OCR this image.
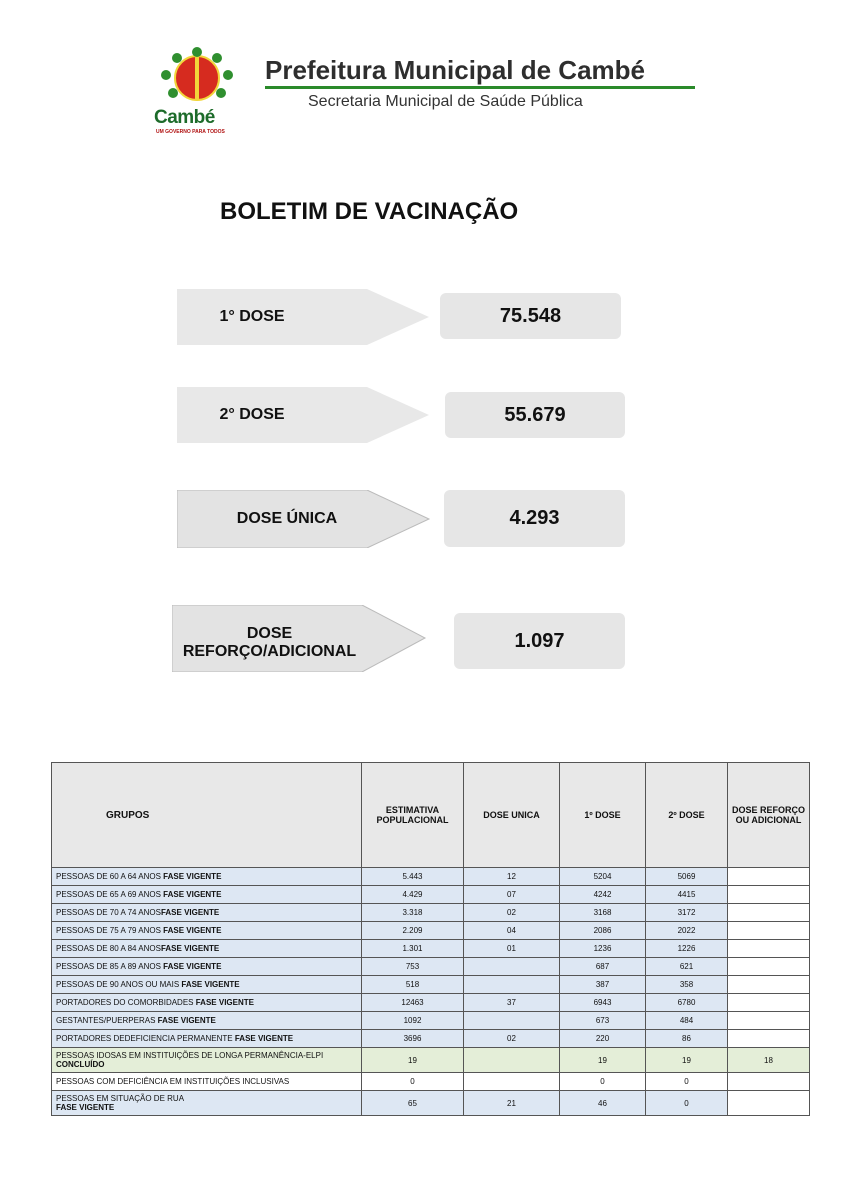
Cambé
UM GOVERNO PARA TODOS
Prefeitura Municipal de Cambé
Secretaria Municipal de Saúde Pública
BOLETIM DE VACINAÇÃO
1° DOSE	75.548
2° DOSE	55.679
DOSE ÚNICA	4.293
DOSE REFORÇO/ADICIONAL	1.097
GRUPOS	ESTIMATIVA POPULACIONAL	DOSE UNICA	1º DOSE	2º DOSE	DOSE REFORÇO OU ADICIONAL
PESSOAS DE 60 A 64 ANOS FASE VIGENTE	5.443	12	5204	5069	
PESSOAS DE 65 A 69 ANOS FASE VIGENTE	4.429	07	4242	4415	
PESSOAS DE 70 A 74 ANOSFASE VIGENTE	3.318	02	3168	3172	
PESSOAS DE 75 A 79 ANOS FASE VIGENTE	2.209	04	2086	2022	
PESSOAS DE 80 A 84 ANOSFASE VIGENTE	1.301	01	1236	1226	
PESSOAS DE 85 A 89 ANOS FASE VIGENTE	753		687	621	
PESSOAS DE 90 ANOS OU MAIS FASE VIGENTE	518		387	358	
PORTADORES DO COMORBIDADES FASE VIGENTE	12463	37	6943	6780	
GESTANTES/PUERPERAS FASE VIGENTE	1092		673	484	
PORTADORES DEDEFICIENCIA PERMANENTE FASE VIGENTE	3696	02	220	86	
PESSOAS IDOSAS EM INSTITUIÇÕES DE LONGA PERMANÊNCIA-ELPI
CONCLUÍDO	19		19	19	18
PESSOAS COM DEFICIÊNCIA EM INSTITUIÇÕES INCLUSIVAS	0		0	0	
PESSOAS EM SITUAÇÃO DE RUA
FASE VIGENTE	65	21	46	0	
